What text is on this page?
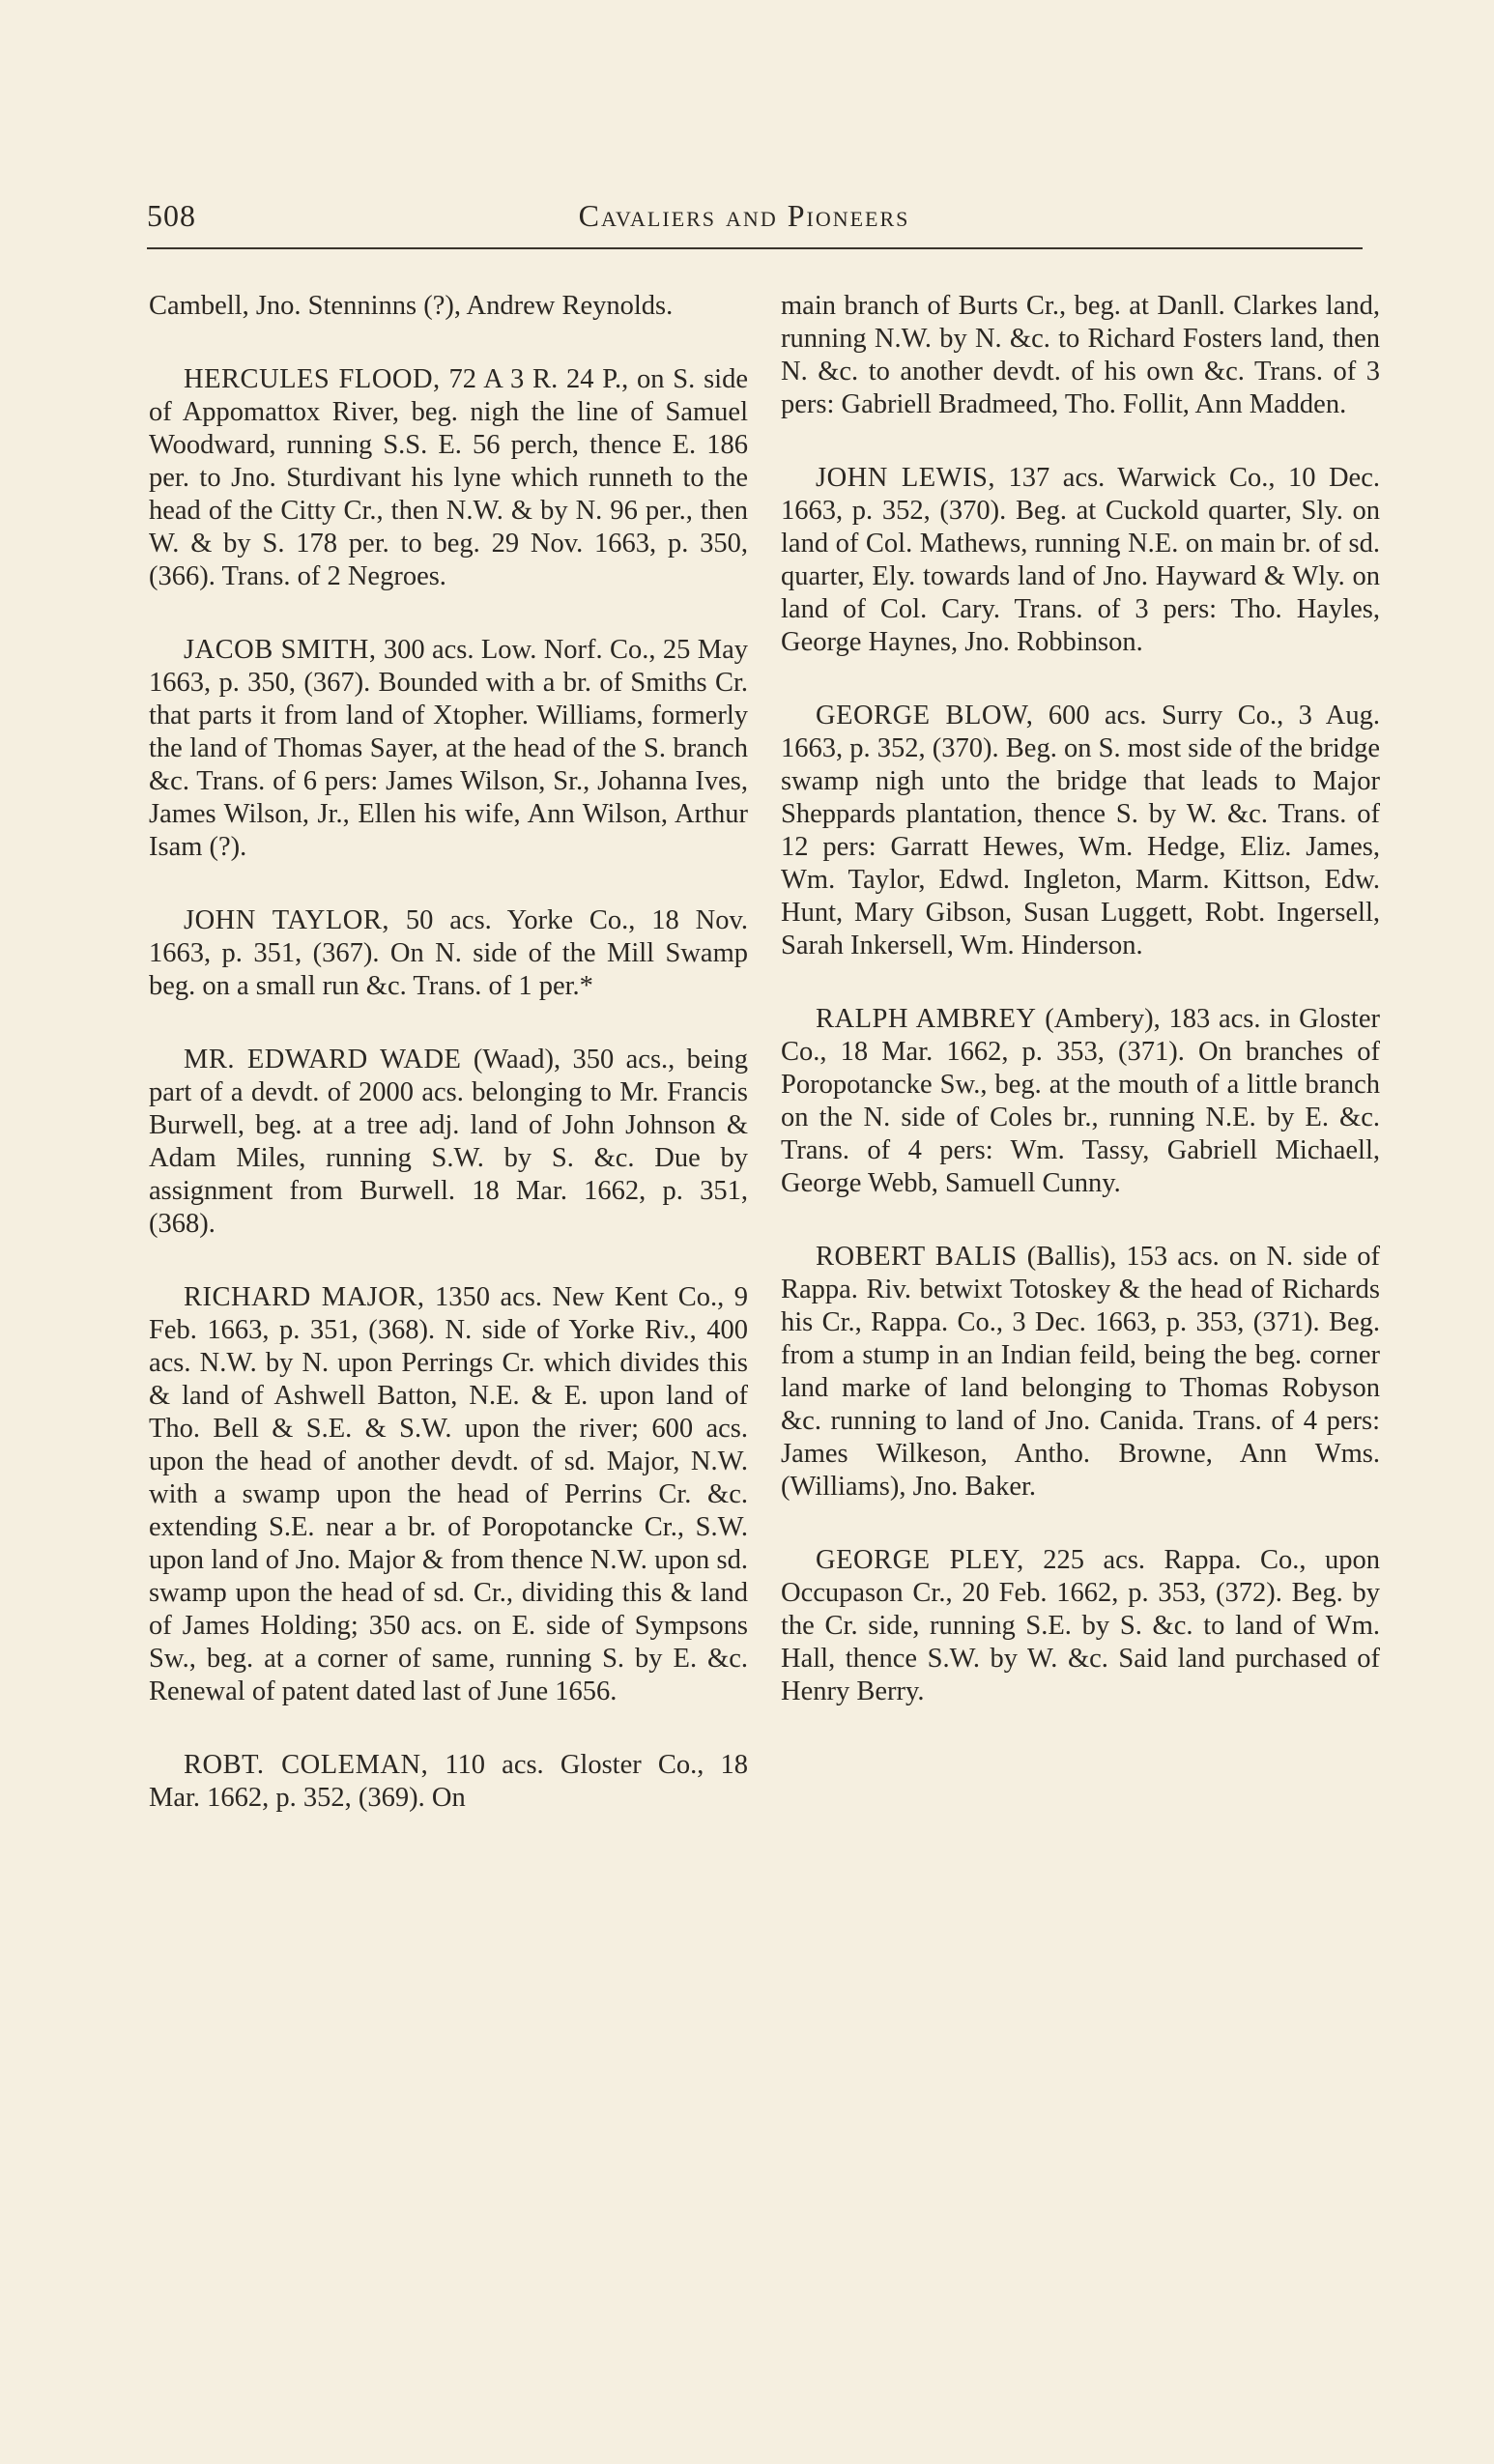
508	Cavaliers and Pioneers

Cambell, Jno. Stenninns (?), Andrew Reynolds.

HERCULES FLOOD, 72 A 3 R. 24 P., on S. side of Appomattox River, beg. nigh the line of Samuel Woodward, running S.S. E. 56 perch, thence E. 186 per. to Jno. Sturdivant his lyne which runneth to the head of the Citty Cr., then N.W. & by N. 96 per., then W. & by S. 178 per. to beg. 29 Nov. 1663, p. 350, (366). Trans. of 2 Negroes.

JACOB SMITH, 300 acs. Low. Norf. Co., 25 May 1663, p. 350, (367). Bounded with a br. of Smiths Cr. that parts it from land of Xtopher. Williams, formerly the land of Thomas Sayer, at the head of the S. branch &c. Trans. of 6 pers: James Wilson, Sr., Johanna Ives, James Wilson, Jr., Ellen his wife, Ann Wilson, Arthur Isam (?).

JOHN TAYLOR, 50 acs. Yorke Co., 18 Nov. 1663, p. 351, (367). On N. side of the Mill Swamp beg. on a small run &c. Trans. of 1 per.*

MR. EDWARD WADE (Waad), 350 acs., being part of a devdt. of 2000 acs. belonging to Mr. Francis Burwell, beg. at a tree adj. land of John Johnson & Adam Miles, running S.W. by S. &c. Due by assignment from Burwell. 18 Mar. 1662, p. 351, (368).

RICHARD MAJOR, 1350 acs. New Kent Co., 9 Feb. 1663, p. 351, (368). N. side of Yorke Riv., 400 acs. N.W. by N. upon Perrings Cr. which divides this & land of Ashwell Batton, N.E. & E. upon land of Tho. Bell & S.E. & S.W. upon the river; 600 acs. upon the head of another devdt. of sd. Major, N.W. with a swamp upon the head of Perrins Cr. &c. extending S.E. near a br. of Poropotancke Cr., S.W. upon land of Jno. Major & from thence N.W. upon sd. swamp upon the head of sd. Cr., dividing this & land of James Holding; 350 acs. on E. side of Sympsons Sw., beg. at a corner of same, running S. by E. &c. Renewal of patent dated last of June 1656.

ROBT. COLEMAN, 110 acs. Gloster Co., 18 Mar. 1662, p. 352, (369). On

main branch of Burts Cr., beg. at Danll. Clarkes land, running N.W. by N. &c. to Richard Fosters land, then N. &c. to another devdt. of his own &c. Trans. of 3 pers: Gabriell Bradmeed, Tho. Follit, Ann Madden.

JOHN LEWIS, 137 acs. Warwick Co., 10 Dec. 1663, p. 352, (370). Beg. at Cuckold quarter, Sly. on land of Col. Mathews, running N.E. on main br. of sd. quarter, Ely. towards land of Jno. Hayward & Wly. on land of Col. Cary. Trans. of 3 pers: Tho. Hayles, George Haynes, Jno. Robbinson.

GEORGE BLOW, 600 acs. Surry Co., 3 Aug. 1663, p. 352, (370). Beg. on S. most side of the bridge swamp nigh unto the bridge that leads to Major Sheppards plantation, thence S. by W. &c. Trans. of 12 pers: Garratt Hewes, Wm. Hedge, Eliz. James, Wm. Taylor, Edwd. Ingleton, Marm. Kittson, Edw. Hunt, Mary Gibson, Susan Luggett, Robt. Ingersell, Sarah Inkersell, Wm. Hinderson.

RALPH AMBREY (Ambery), 183 acs. in Gloster Co., 18 Mar. 1662, p. 353, (371). On branches of Poropotancke Sw., beg. at the mouth of a little branch on the N. side of Coles br., running N.E. by E. &c. Trans. of 4 pers: Wm. Tassy, Gabriell Michaell, George Webb, Samuell Cunny.

ROBERT BALIS (Ballis), 153 acs. on N. side of Rappa. Riv. betwixt Totoskey & the head of Richards his Cr., Rappa. Co., 3 Dec. 1663, p. 353, (371). Beg. from a stump in an Indian feild, being the beg. corner land marke of land belonging to Thomas Robyson &c. running to land of Jno. Canida. Trans. of 4 pers: James Wilkeson, Antho. Browne, Ann Wms. (Williams), Jno. Baker.

GEORGE PLEY, 225 acs. Rappa. Co., upon Occupason Cr., 20 Feb. 1662, p. 353, (372). Beg. by the Cr. side, running S.E. by S. &c. to land of Wm. Hall, thence S.W. by W. &c. Said land purchased of Henry Berry.
